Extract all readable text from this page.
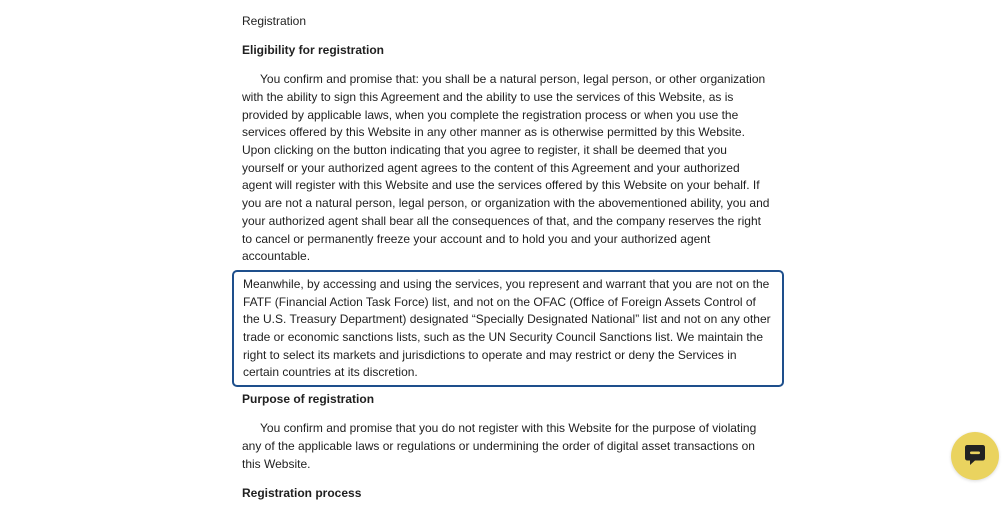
Registration

Eligibility for registration

You confirm and promise that: you shall be a natural person, legal person, or other organization with the ability to sign this Agreement and the ability to use the services of this Website, as is provided by applicable laws, when you complete the registration process or when you use the services offered by this Website in any other manner as is otherwise permitted by this Website. Upon clicking on the button indicating that you agree to register, it shall be deemed that you yourself or your authorized agent agrees to the content of this Agreement and your authorized agent will register with this Website and use the services offered by this Website on your behalf. If you are not a natural person, legal person, or organization with the abovementioned ability, you and your authorized agent shall bear all the consequences of that, and the company reserves the right to cancel or permanently freeze your account and to hold you and your authorized agent accountable.

Meanwhile, by accessing and using the services, you represent and warrant that you are not on the FATF (Financial Action Task Force) list, and not on the OFAC (Office of Foreign Assets Control of the U.S. Treasury Department) designated “Specially Designated National” list and not on any other trade or economic sanctions lists, such as the UN Security Council Sanctions list. We maintain the right to select its markets and jurisdictions to operate and may restrict or deny the Services in certain countries at its discretion.

Purpose of registration

You confirm and promise that you do not register with this Website for the purpose of violating any of the applicable laws or regulations or undermining the order of digital asset transactions on this Website.

Registration process
